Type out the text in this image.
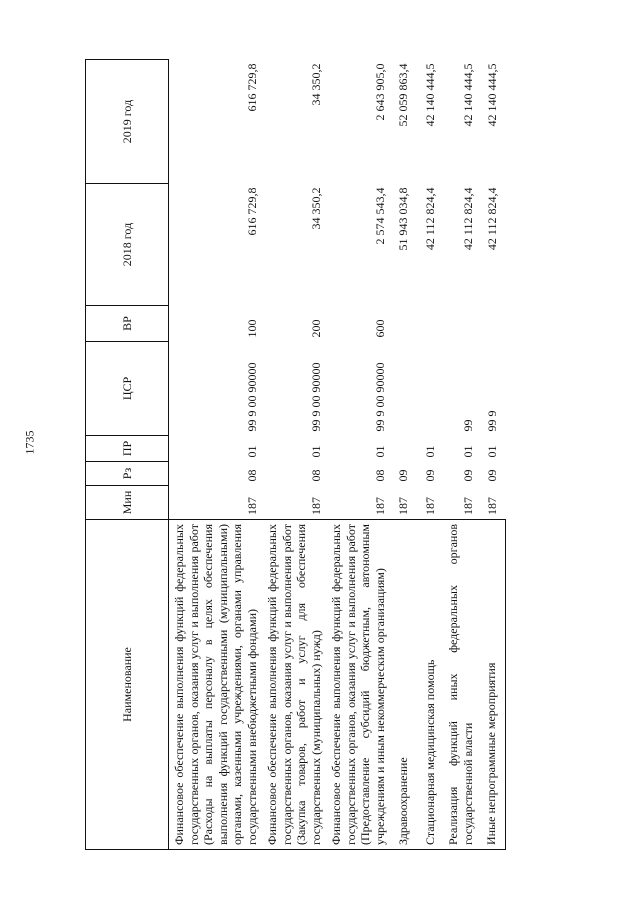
1735
Наименование	Мин	Рз	ПР	ЦСР	ВР	2018 год	2019 год
Финансовое обеспечение выполнения функций федеральных государственных органов, оказания услуг и выполнения работ (Расходы на выплаты персоналу в целях обеспечения выполнения функций государственными (муниципальными) органами, казенными учреждениями, органами управления государственными внебюджетными фондами)	187	08	01	99 9 00 90000	100	616 729,8	616 729,8
Финансовое обеспечение выполнения функций федеральных государственных органов, оказания услуг и выполнения работ (Закупка товаров, работ и услуг для обеспечения государственных (муниципальных) нужд)	187	08	01	99 9 00 90000	200	34 350,2	34 350,2
Финансовое обеспечение выполнения функций федеральных государственных органов, оказания услуг и выполнения работ (Предоставление субсидий бюджетным, автономным учреждениям и иным некоммерческим организациям)	187	08	01	99 9 00 90000	600	2 574 543,4	2 643 905,0
Здравоохранение	187	09				51 943 034,8	52 059 863,4
Стационарная медицинская помощь	187	09	01			42 112 824,4	42 140 444,5
Реализация функций иных федеральных органов государственной власти	187	09	01	99		42 112 824,4	42 140 444,5
Иные непрограммные мероприятия	187	09	01	99 9		42 112 824,4	42 140 444,5
